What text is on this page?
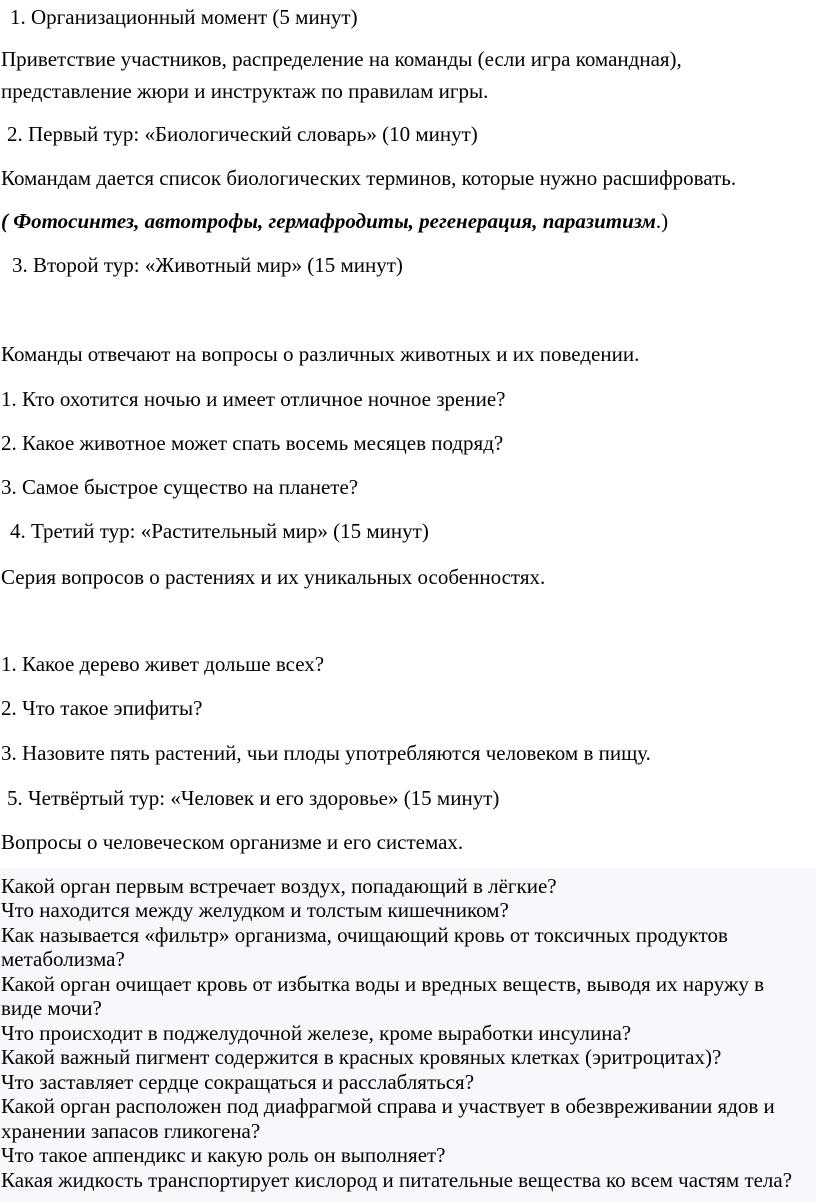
1. Организационный момент (5 минут)
Приветствие участников, распределение на команды (если игра командная),
представление жюри и инструктаж по правилам игры.
2. Первый тур: «Биологический словарь» (10 минут)
Командам дается список биологических терминов, которые нужно расшифровать.
( Фотосинтез, автотрофы, гермафродиты, регенерация, паразитизм.)
3. Второй тур: «Животный мир» (15 минут)
Команды отвечают на вопросы о различных животных и их поведении.
1. Кто охотится ночью и имеет отличное ночное зрение?
2. Какое животное может спать восемь месяцев подряд?
3. Самое быстрое существо на планете?
4. Третий тур: «Растительный мир» (15 минут)
Серия вопросов о растениях и их уникальных особенностях.
1. Какое дерево живет дольше всех?
2. Что такое эпифиты?
3. Назовите пять растений, чьи плоды употребляются человеком в пищу.
5. Четвёртый тур: «Человек и его здоровье» (15 минут)
Вопросы о человеческом организме и его системах.
Какой орган первым встречает воздух, попадающий в лёгкие?
Что находится между желудком и толстым кишечником?
Как называется «фильтр» организма, очищающий кровь от токсичных продуктов
метаболизма?
Какой орган очищает кровь от избытка воды и вредных веществ, выводя их наружу в
виде мочи?
Что происходит в поджелудочной железе, кроме выработки инсулина?
Какой важный пигмент содержится в красных кровяных клетках (эритроцитах)?
Что заставляет сердце сокращаться и расслабляться?
Какой орган расположен под диафрагмой справа и участвует в обезвреживании ядов и
хранении запасов гликогена?
Что такое аппендикс и какую роль он выполняет?
Какая жидкость транспортирует кислород и питательные вещества ко всем частям тела?
